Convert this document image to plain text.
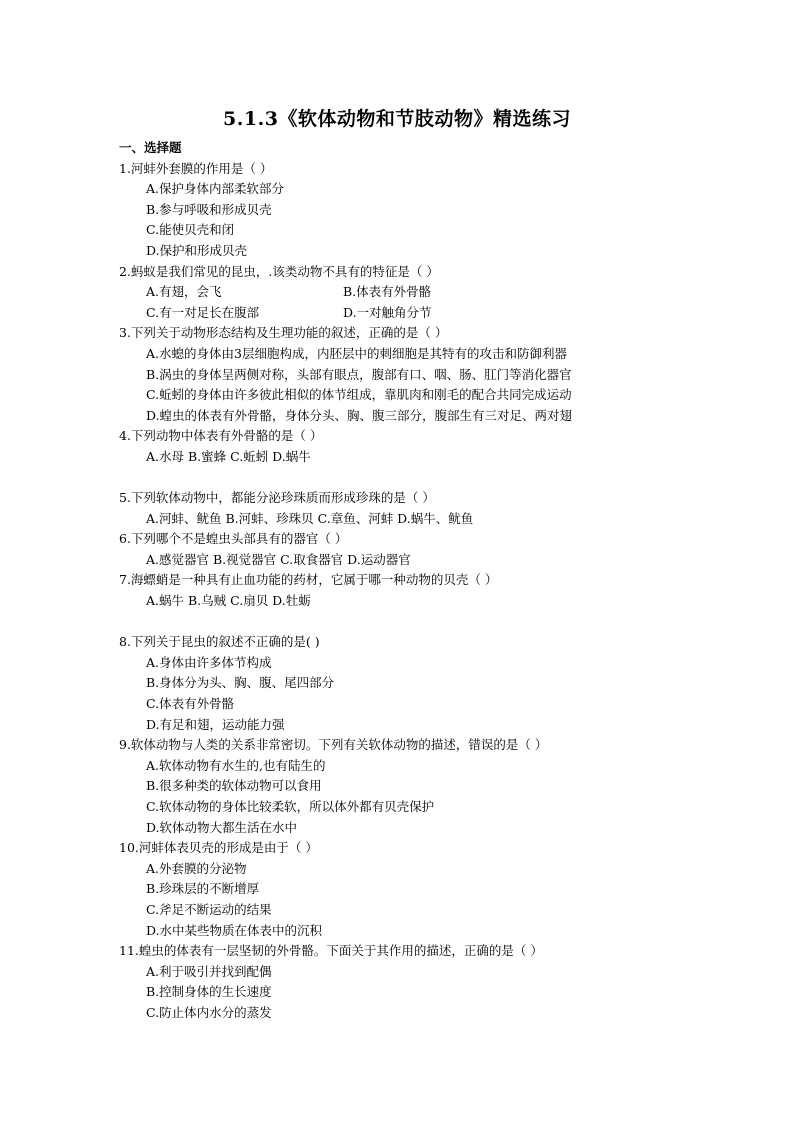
5.1.3《软体动物和节肢动物》精选练习
一、选择题
1.河蚌外套膜的作用是（ ）
A.保护身体内部柔软部分
B.参与呼吸和形成贝壳
C.能使贝壳和闭
D.保护和形成贝壳
2.蚂蚁是我们常见的昆虫，.该类动物不具有的特征是（ ）
A.有翅，会飞	B.体表有外骨骼
C.有一对足长在腹部	D.一对触角分节
3.下列关于动物形态结构及生理功能的叙述，正确的是（ ）
A.水螅的身体由3层细胞构成，内胚层中的刺细胞是其特有的攻击和防御利器
B.涡虫的身体呈两侧对称，头部有眼点，腹部有口、咽、肠、肛门等消化器官
C.蚯蚓的身体由许多彼此相似的体节组成，靠肌肉和刚毛的配合共同完成运动
D.蝗虫的体表有外骨骼，身体分头、胸、腹三部分，腹部生有三对足、两对翅
4.下列动物中体表有外骨骼的是（ ）
A.水母 B.蜜蜂 C.蚯蚓 D.蜗牛
5.下列软体动物中，都能分泌珍珠质而形成珍珠的是（ ）
A.河蚌、鱿鱼 B.河蚌、珍珠贝 C.章鱼、河蚌 D.蜗牛、鱿鱼
6.下列哪个不是蝗虫头部具有的器官（ ）
A.感觉器官 B.视觉器官 C.取食器官 D.运动器官
7.海螵蛸是一种具有止血功能的药材，它属于哪一种动物的贝壳（ ）
A.蜗牛 B.乌贼 C.扇贝 D.牡蛎
8.下列关于昆虫的叙述不正确的是( )
A.身体由许多体节构成
B.身体分为头、胸、腹、尾四部分
C.体表有外骨骼
D.有足和翅，运动能力强
9.软体动物与人类的关系非常密切。下列有关软体动物的描述，错误的是（ ）
A.软体动物有水生的,也有陆生的
B.很多种类的软体动物可以食用
C.软体动物的身体比较柔软，所以体外都有贝壳保护
D.软体动物大都生活在水中
10.河蚌体表贝壳的形成是由于（ ）
A.外套膜的分泌物
B.珍珠层的不断增厚
C.斧足不断运动的结果
D.水中某些物质在体表中的沉积
11.蝗虫的体表有一层坚韧的外骨骼。下面关于其作用的描述，正确的是（ ）
A.利于吸引并找到配偶
B.控制身体的生长速度
C.防止体内水分的蒸发
